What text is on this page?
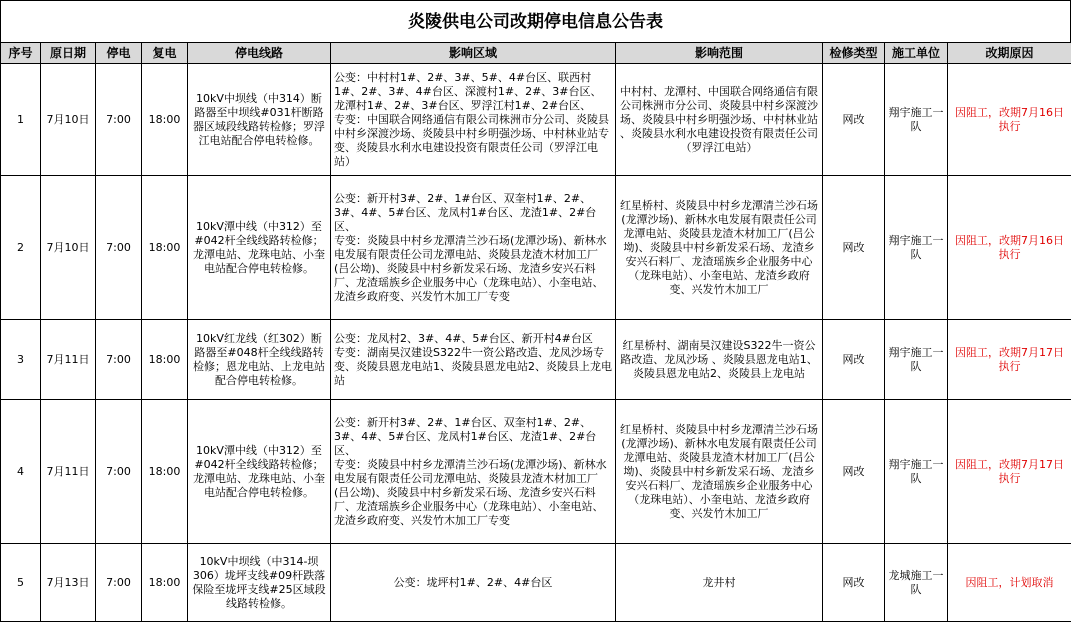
炎陵供电公司改期停电信息公告表
序号	原日期	停电	复电	停电线路	影响区域	影响范围	检修类型	施工单位	改期原因
1	7月10日	7:00	18:00	10kV中坝线（中314）断路器至中坝线#031杆断路器区域段线路转检修；罗浮江电站配合停电转检修。	公变：中村村1#、2#、3#、5#、4#台区、联西村1#、2#、3#、4#台区、深渡村1#、2#、3#台区、龙潭村1#、2#、3#台区、罗浮江村1#、2#台区、
专变：中国联合网络通信有限公司株洲市分公司、炎陵县中村乡深渡沙场、炎陵县中村乡明强沙场、中村林业站专变、炎陵县水利水电建设投资有限责任公司（罗浮江电站）	中村村、龙潭村、中国联合网络通信有限公司株洲市分公司、炎陵县中村乡深渡沙场、炎陵县中村乡明强沙场、中村林业站 、炎陵县水利水电建设投资有限责任公司（罗浮江电站）	网改	翔宇施工一队	因阻工，改期7月16日执行
2	7月10日	7:00	18:00	10kV潭中线（中312）至#042杆全线线路转检修；龙潭电站、龙珠电站、小奎电站配合停电转检修。	公变：新开村3#、2#、1#台区、双奎村1#、2#、3#、4#、5#台区、龙凤村1#台区、龙渣1#、2#台区、
专变：炎陵县中村乡龙潭清兰沙石场(龙潭沙场)、新林水电发展有限责任公司龙潭电站、炎陵县龙渣木材加工厂(吕公坳)、炎陵县中村乡新发采石场、龙渣乡安兴石料厂、龙渣瑶族乡企业服务中心（龙珠电站）、小奎电站、龙渣乡政府变、兴发竹木加工厂专变	红星桥村、炎陵县中村乡龙潭清兰沙石场(龙潭沙场)、新林水电发展有限责任公司龙潭电站、炎陵县龙渣木材加工厂(吕公坳)、炎陵县中村乡新发采石场、龙渣乡安兴石料厂、龙渣瑶族乡企业服务中心（龙珠电站）、小奎电站、龙渣乡政府变、兴发竹木加工厂	网改	翔宇施工一队	因阻工，改期7月16日执行
3	7月11日	7:00	18:00	10kV红龙线（红302）断路器至#048杆全线线路转检修；恩龙电站、上龙电站配合停电转检修。	公变：龙凤村2、3#、4#、5#台区、新开村4#台区
专变：湖南昊汉建设S322牛一资公路改造、龙凤沙场专变、炎陵县恩龙电站1、炎陵县恩龙电站2、炎陵县上龙电站	红星桥村、湖南昊汉建设S322牛一资公路改造、龙凤沙场 、炎陵县恩龙电站1、炎陵县恩龙电站2、炎陵县上龙电站	网改	翔宇施工一队	因阻工，改期7月17日执行
4	7月11日	7:00	18:00	10kV潭中线（中312）至#042杆全线线路转检修；龙潭电站、龙珠电站、小奎电站配合停电转检修。	公变：新开村3#、2#、1#台区、双奎村1#、2#、3#、4#、5#台区、龙凤村1#台区、龙渣1#、2#台区、
专变：炎陵县中村乡龙潭清兰沙石场(龙潭沙场)、新林水电发展有限责任公司龙潭电站、炎陵县龙渣木材加工厂(吕公坳)、炎陵县中村乡新发采石场、龙渣乡安兴石料厂、龙渣瑶族乡企业服务中心（龙珠电站）、小奎电站、龙渣乡政府变、兴发竹木加工厂专变	红星桥村、炎陵县中村乡龙潭清兰沙石场(龙潭沙场)、新林水电发展有限责任公司龙潭电站、炎陵县龙渣木材加工厂(吕公坳)、炎陵县中村乡新发采石场、龙渣乡安兴石料厂、龙渣瑶族乡企业服务中心（龙珠电站）、小奎电站、龙渣乡政府变、兴发竹木加工厂	网改	翔宇施工一队	因阻工，改期7月17日执行
5	7月13日	7:00	18:00	10kV中坝线（中314-坝306）垅坪支线#09杆跌落保险至垅坪支线#25区域段线路转检修。	公变：垅坪村1#、2#、4#台区	龙井村	网改	龙城施工一队	因阻工，计划取消
